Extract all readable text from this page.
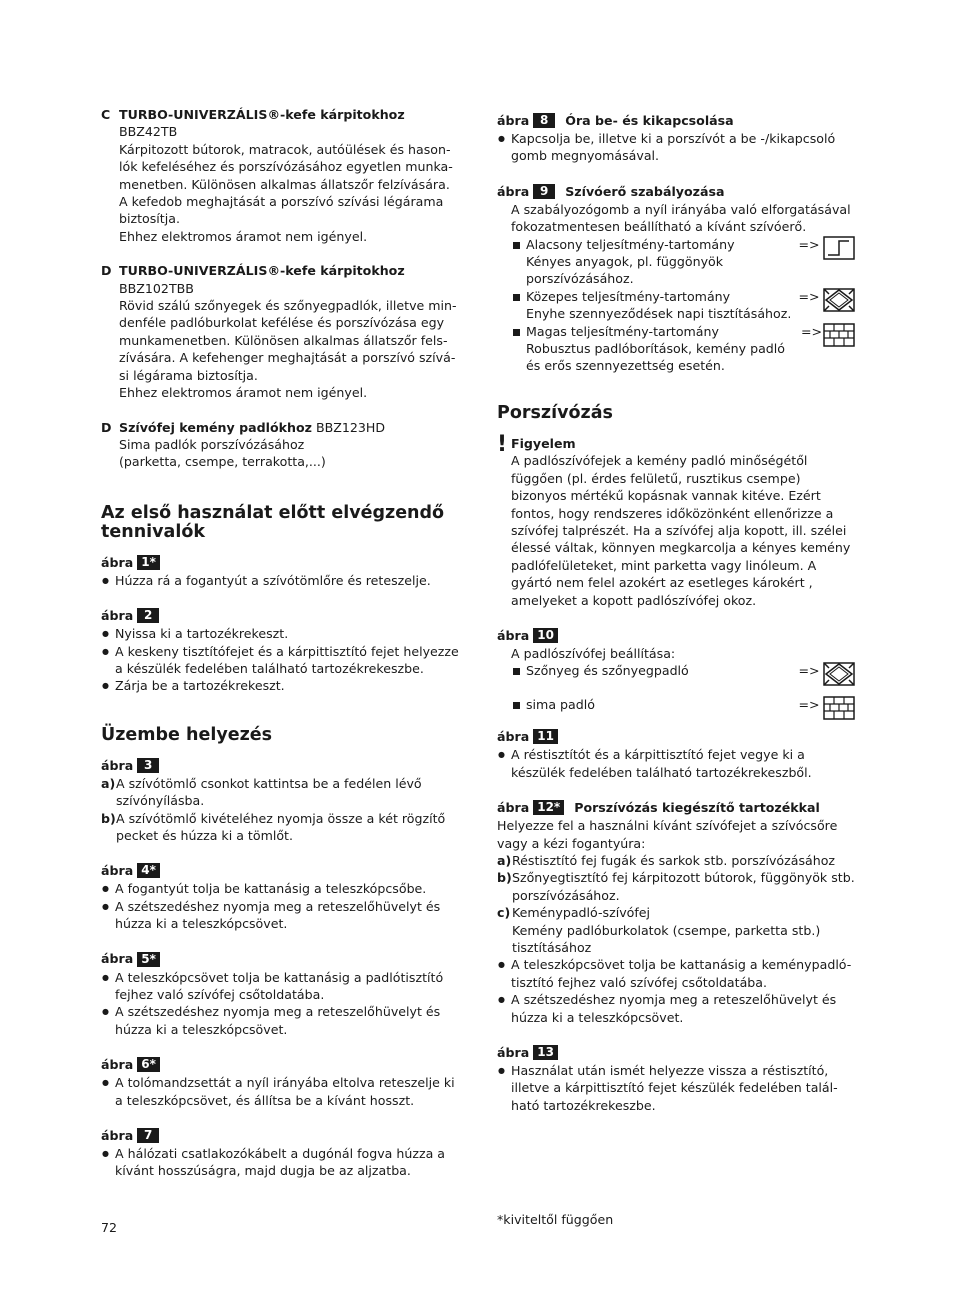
C TURBO-UNIVERZÁLIS®-kefe kárpitokhoz BBZ42TB
Kárpitozott bútorok, matracok, autóülések és hason-
lók kefeléséhez és porszívózásához egyetlen munka-
menetben. Különösen alkalmas állatszőr felzívására.
A kefedob meghajtását a porszívó szívási légárama
biztosítja.
Ehhez elektromos áramot nem igényel.
D TURBO-UNIVERZÁLIS®-kefe kárpitokhoz
BBZ102TBB
Rövid szálú szőnyegek és szőnyegpadlók, illetve min-
denféle padlóburkolat kefélése és porszívózása egy
munkamenetben. Különösen alkalmas állatszőr fels-
zívására. A kefehenger meghajtását a porszívó szívá-
si légárama biztosítja.
Ehhez elektromos áramot nem igényel.
D Szívófej kemény padlókhoz BBZ123HD
Sima padlók porszívózásához
(parketta, csempe, terrakotta,...)
Az első használat előtt elvégzendő tennivalók
ábra 1*
● Húzza rá a fogantyút a szívótömlőre és reteszelje.
ábra 2
● Nyissa ki a tartozékrekeszt.
● A keskeny tisztítófejet és a kárpittisztító fejet helyezze a készülék fedelében található tartozékrekeszbe.
● Zárja be a tartozékrekeszt.
Üzembe helyezés
ábra 3
a) A szívótömlő csonkot kattintsa be a fedélen lévő szívónyílásba.
b) A szívótömlő kivételéhez nyomja össze a két rögzítő pecket és húzza ki a tömlőt.
ábra 4*
● A fogantyút tolja be kattanásig a teleszkópcsőbe.
● A szétszedéshez nyomja meg a reteszelőhüvelyt és húzza ki a teleszkópcsövet.
ábra 5*
● A teleszkópcsövet tolja be kattanásig a padlótisztító fejhez való szívófej csőtoldatába.
● A szétszedéshez nyomja meg a reteszelőhüvelyt és húzza ki a teleszkópcsövet.
ábra 6*
● A tolómandzsettát a nyíl irányába eltolva reteszelje ki a teleszkópcsövet, és állítsa be a kívánt hosszt.
ábra 7
● A hálózati csatlakozókábelt a dugónál fogva húzza a kívánt hosszúságra, majd dugja be az aljzatba.
ábra 8	Óra be- és kikapcsolása
● Kapcsolja be, illetve ki a porszívót a be -/kikapcsoló gomb megnyomásával.
ábra 9	Szívóerő szabályozása
A szabályozógomb a nyíl irányába való elforgatásával fokozatmentesen beállítható a kívánt szívóerő.
Alacsony teljesítmény-tartomány
Kényes anyagok, pl. függönyök porszívózásához.
=>
Közepes teljesítmény-tartomány
Enyhe szennyeződések napi tisztításához.
=>
Magas teljesítmény-tartomány
Robusztus padlóborítások, kemény padló és erős szennyezettség esetén.
=>
Porszívózás
! Figyelem
A padlószívófejek a kemény padló minőségétől függően (pl. érdes felületű, rusztikus csempe) bizonyos mértékű kopásnak vannak kitéve. Ezért fontos, hogy rendszeres időközönként ellenőrizze a szívófej talprészét. Ha a szívófej alja kopott, ill. szélei élessé váltak, könnyen megkarcolja a kényes kemény padlófelületeket, mint parketta vagy linóleum. A gyártó nem felel azokért az esetleges károkért , amelyeket a kopott padlószívófej okoz.
ábra 10
A padlószívófej beállítása:
Szőnyeg és szőnyegpadló	=>
sima padló	=>
ábra 11
● A réstisztítót és a kárpittisztító fejet vegye ki a készülék fedelében található tartozékrekeszből.
ábra 12*	Porszívózás kiegészítő tartozékkal
Helyezze fel a használni kívánt szívófejet a szívócsőre vagy a kézi fogantyúra:
a) Réstisztító fej fugák és sarkok stb. porszívózásához
b) Szőnyegtisztító fej kárpitozott bútorok, függönyök stb. porszívózásához.
c) Keménypadló-szívófej
Kemény padlóburkolatok (csempe, parketta stb.) tisztításához
● A teleszkópcsövet tolja be kattanásig a keménypadló-tisztító fejhez való szívófej csőtoldatába.
● A szétszedéshez nyomja meg a reteszelőhüvelyt és húzza ki a teleszkópcsövet.
ábra 13
● Használat után ismét helyezze vissza a réstisztító, illetve a kárpittisztító fejet készülék fedelében talál-ható tartozékrekeszbe.
72
*kiviteltől függően
